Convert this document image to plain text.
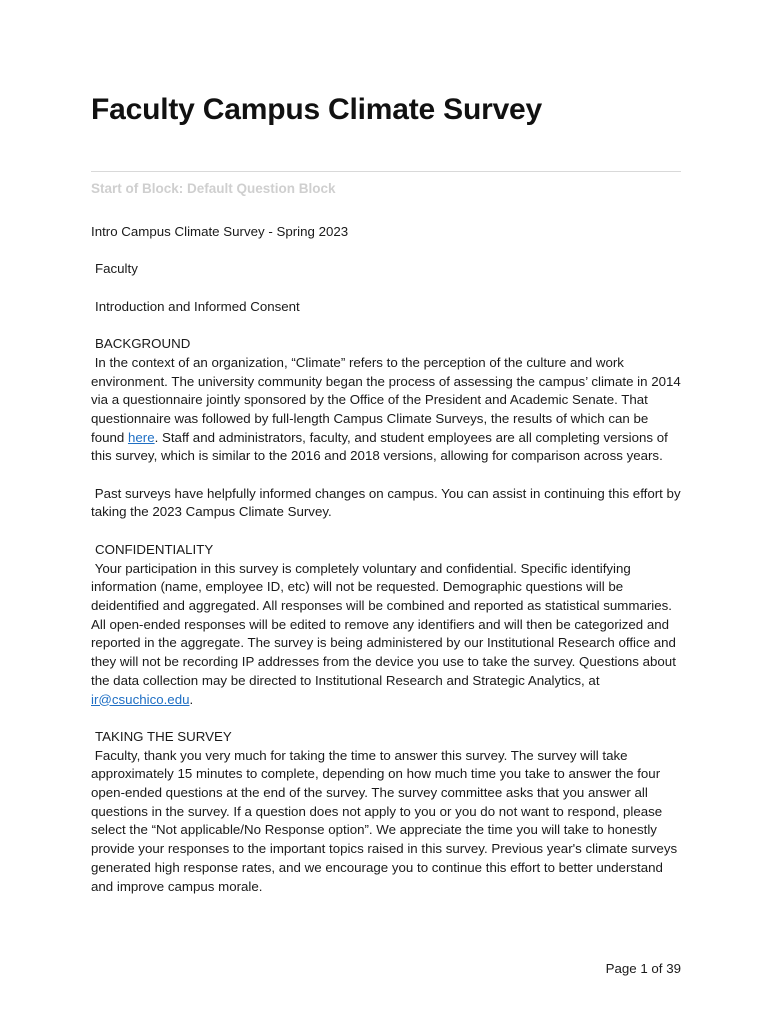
Faculty Campus Climate Survey
Start of Block: Default Question Block

Intro Campus Climate Survey - Spring 2023

Faculty

Introduction and Informed Consent

BACKGROUND
In the context of an organization, “Climate” refers to the perception of the culture and work environment. The university community began the process of assessing the campus’ climate in 2014 via a questionnaire jointly sponsored by the Office of the President and Academic Senate. That questionnaire was followed by full-length Campus Climate Surveys, the results of which can be found here. Staff and administrators, faculty, and student employees are all completing versions of this survey, which is similar to the 2016 and 2018 versions, allowing for comparison across years.

Past surveys have helpfully informed changes on campus. You can assist in continuing this effort by taking the 2023 Campus Climate Survey.

CONFIDENTIALITY
Your participation in this survey is completely voluntary and confidential. Specific identifying information (name, employee ID, etc) will not be requested. Demographic questions will be deidentified and aggregated. All responses will be combined and reported as statistical summaries. All open-ended responses will be edited to remove any identifiers and will then be categorized and reported in the aggregate. The survey is being administered by our Institutional Research office and they will not be recording IP addresses from the device you use to take the survey. Questions about the data collection may be directed to Institutional Research and Strategic Analytics, at ir@csuchico.edu.

TAKING THE SURVEY
Faculty, thank you very much for taking the time to answer this survey. The survey will take approximately 15 minutes to complete, depending on how much time you take to answer the four open-ended questions at the end of the survey. The survey committee asks that you answer all questions in the survey. If a question does not apply to you or you do not want to respond, please select the “Not applicable/No Response option”. We appreciate the time you will take to honestly provide your responses to the important topics raised in this survey. Previous year's climate surveys generated high response rates, and we encourage you to continue this effort to better understand and improve campus morale.

Page 1 of 39
